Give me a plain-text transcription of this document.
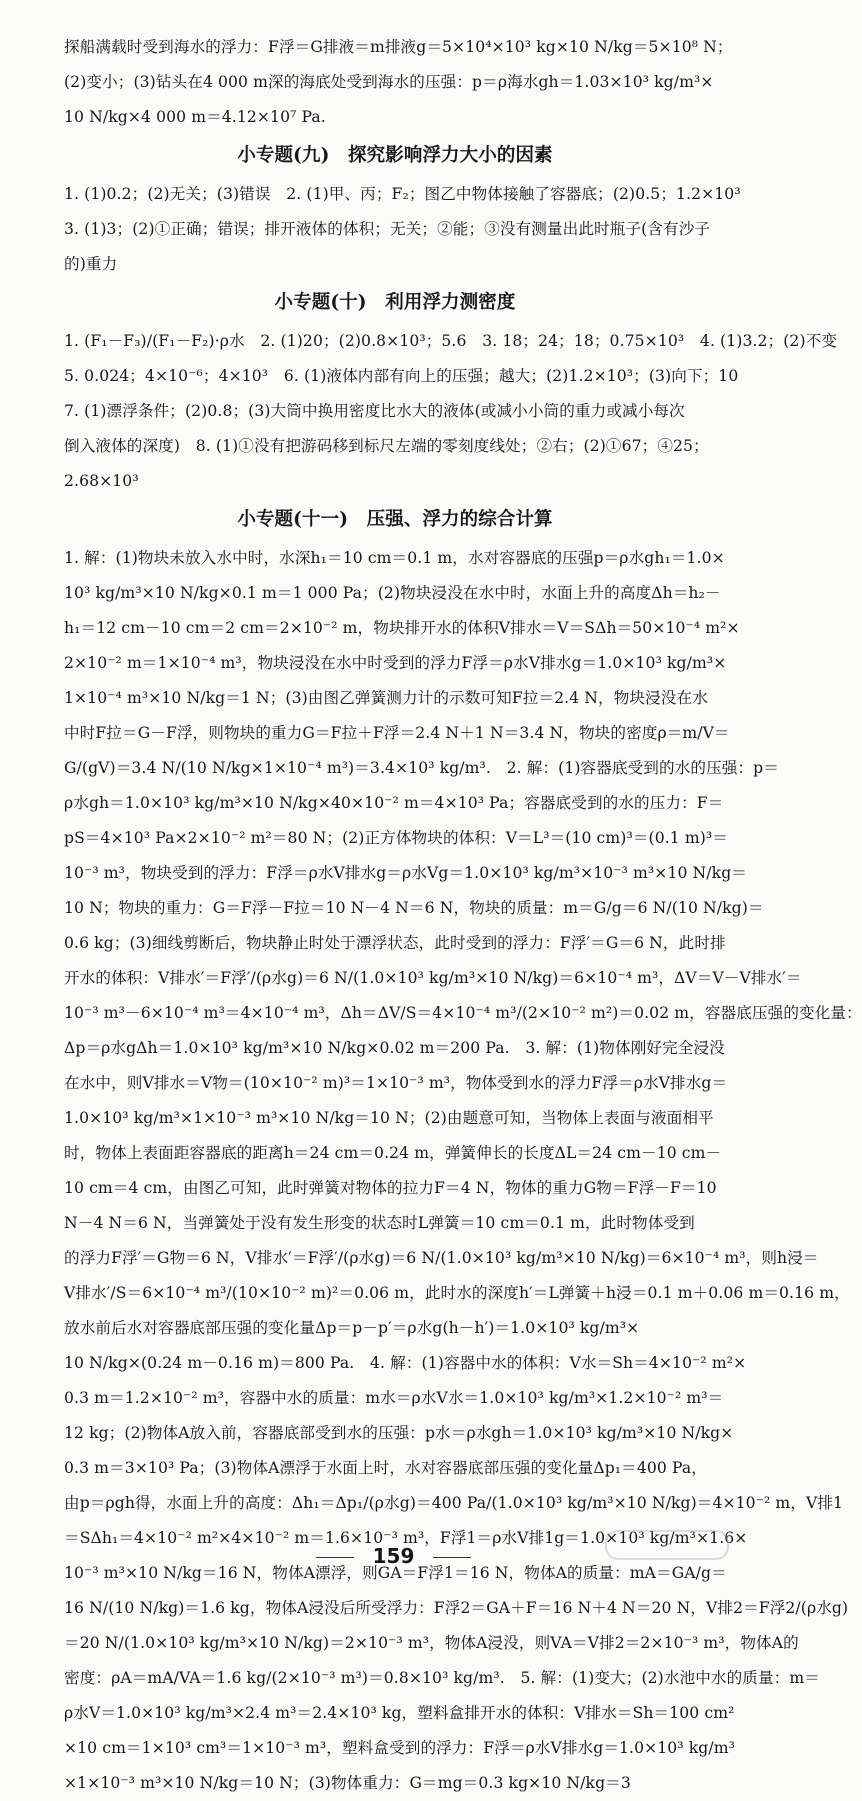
探船满载时受到海水的浮力：F浮＝G排液＝m排液g＝5×10⁴×10³ kg×10 N/kg＝5×10⁸ N；
(2)变小；(3)钻头在4 000 m深的海底处受到海水的压强：p＝ρ海水gh＝1.03×10³ kg/m³×
10 N/kg×4 000 m＝4.12×10⁷ Pa.
小专题(九)　探究影响浮力大小的因素
1. (1)0.2；(2)无关；(3)错误　2. (1)甲、丙；F₂；图乙中物体接触了容器底；(2)0.5；1.2×10³
3. (1)3；(2)①正确；错误；排开液体的体积；无关；②能；③没有测量出此时瓶子(含有沙子
的)重力
小专题(十)　利用浮力测密度
1. (F₁－F₃)/(F₁－F₂)·ρ水　2. (1)20；(2)0.8×10³；5.6　3. 18；24；18；0.75×10³　4. (1)3.2；(2)不变
5. 0.024；4×10⁻⁶；4×10³　6. (1)液体内部有向上的压强；越大；(2)1.2×10³；(3)向下；10
7. (1)漂浮条件；(2)0.8；(3)大筒中换用密度比水大的液体(或减小小筒的重力或减小每次
倒入液体的深度)　8. (1)①没有把游码移到标尺左端的零刻度线处；②右；(2)①67；④25；
2.68×10³
小专题(十一)　压强、浮力的综合计算
1. 解：(1)物块未放入水中时，水深h₁＝10 cm＝0.1 m，水对容器底的压强p＝ρ水gh₁＝1.0×
10³ kg/m³×10 N/kg×0.1 m＝1 000 Pa；(2)物块浸没在水中时，水面上升的高度Δh＝h₂－
h₁＝12 cm－10 cm＝2 cm＝2×10⁻² m，物块排开水的体积V排水＝V＝SΔh＝50×10⁻⁴ m²×
2×10⁻² m＝1×10⁻⁴ m³，物块浸没在水中时受到的浮力F浮＝ρ水V排水g＝1.0×10³ kg/m³×
1×10⁻⁴ m³×10 N/kg＝1 N；(3)由图乙弹簧测力计的示数可知F拉＝2.4 N，物块浸没在水
中时F拉＝G－F浮，则物块的重力G＝F拉＋F浮＝2.4 N＋1 N＝3.4 N，物块的密度ρ＝m/V＝
G/(gV)＝3.4 N/(10 N/kg×1×10⁻⁴ m³)＝3.4×10³ kg/m³.　2. 解：(1)容器底受到的水的压强：p＝
ρ水gh＝1.0×10³ kg/m³×10 N/kg×40×10⁻² m＝4×10³ Pa；容器底受到的水的压力：F＝
pS＝4×10³ Pa×2×10⁻² m²＝80 N；(2)正方体物块的体积：V＝L³＝(10 cm)³＝(0.1 m)³＝
10⁻³ m³，物块受到的浮力：F浮＝ρ水V排水g＝ρ水Vg＝1.0×10³ kg/m³×10⁻³ m³×10 N/kg＝
10 N；物块的重力：G＝F浮－F拉＝10 N－4 N＝6 N，物块的质量：m＝G/g＝6 N/(10 N/kg)＝
0.6 kg；(3)细线剪断后，物块静止时处于漂浮状态，此时受到的浮力：F浮′＝G＝6 N，此时排
开水的体积：V排水′＝F浮′/(ρ水g)＝6 N/(1.0×10³ kg/m³×10 N/kg)＝6×10⁻⁴ m³，ΔV＝V－V排水′＝
10⁻³ m³－6×10⁻⁴ m³＝4×10⁻⁴ m³，Δh＝ΔV/S＝4×10⁻⁴ m³/(2×10⁻² m²)＝0.02 m，容器底压强的变化量：
Δp＝ρ水gΔh＝1.0×10³ kg/m³×10 N/kg×0.02 m＝200 Pa.　3. 解：(1)物体刚好完全浸没
在水中，则V排水＝V物＝(10×10⁻² m)³＝1×10⁻³ m³，物体受到水的浮力F浮＝ρ水V排水g＝
1.0×10³ kg/m³×1×10⁻³ m³×10 N/kg＝10 N；(2)由题意可知，当物体上表面与液面相平
时，物体上表面距容器底的距离h＝24 cm＝0.24 m，弹簧伸长的长度ΔL＝24 cm－10 cm－
10 cm＝4 cm，由图乙可知，此时弹簧对物体的拉力F＝4 N，物体的重力G物＝F浮－F＝10
N－4 N＝6 N，当弹簧处于没有发生形变的状态时L弹簧＝10 cm＝0.1 m，此时物体受到
的浮力F浮′＝G物＝6 N，V排水′＝F浮′/(ρ水g)＝6 N/(1.0×10³ kg/m³×10 N/kg)＝6×10⁻⁴ m³，则h浸＝
V排水′/S＝6×10⁻⁴ m³/(10×10⁻² m)²＝0.06 m，此时水的深度h′＝L弹簧＋h浸＝0.1 m＋0.06 m＝0.16 m，
放水前后水对容器底部压强的变化量Δp＝p－p′＝ρ水g(h－h′)＝1.0×10³ kg/m³×
10 N/kg×(0.24 m－0.16 m)＝800 Pa.　4. 解：(1)容器中水的体积：V水＝Sh＝4×10⁻² m²×
0.3 m＝1.2×10⁻² m³，容器中水的质量：m水＝ρ水V水＝1.0×10³ kg/m³×1.2×10⁻² m³＝
12 kg；(2)物体A放入前，容器底部受到水的压强：p水＝ρ水gh＝1.0×10³ kg/m³×10 N/kg×
0.3 m＝3×10³ Pa；(3)物体A漂浮于水面上时，水对容器底部压强的变化量Δp₁＝400 Pa，
由p＝ρgh得，水面上升的高度：Δh₁＝Δp₁/(ρ水g)＝400 Pa/(1.0×10³ kg/m³×10 N/kg)＝4×10⁻² m，V排1
＝SΔh₁＝4×10⁻² m²×4×10⁻² m＝1.6×10⁻³ m³，F浮1＝ρ水V排1g＝1.0×10³ kg/m³×1.6×
10⁻³ m³×10 N/kg＝16 N，物体A漂浮，则GA＝F浮1＝16 N，物体A的质量：mA＝GA/g＝
16 N/(10 N/kg)＝1.6 kg，物体A浸没后所受浮力：F浮2＝GA＋F＝16 N＋4 N＝20 N，V排2＝F浮2/(ρ水g)
＝20 N/(1.0×10³ kg/m³×10 N/kg)＝2×10⁻³ m³，物体A浸没，则VA＝V排2＝2×10⁻³ m³，物体A的
密度：ρA＝mA/VA＝1.6 kg/(2×10⁻³ m³)＝0.8×10³ kg/m³.　5. 解：(1)变大；(2)水池中水的质量：m＝
ρ水V＝1.0×10³ kg/m³×2.4 m³＝2.4×10³ kg，塑料盒排开水的体积：V排水＝Sh＝100 cm²
×10 cm＝1×10³ cm³＝1×10⁻³ m³，塑料盒受到的浮力：F浮＝ρ水V排水g＝1.0×10³ kg/m³
×1×10⁻³ m³×10 N/kg＝10 N；(3)物体重力：G＝mg＝0.3 kg×10 N/kg＝3
159
